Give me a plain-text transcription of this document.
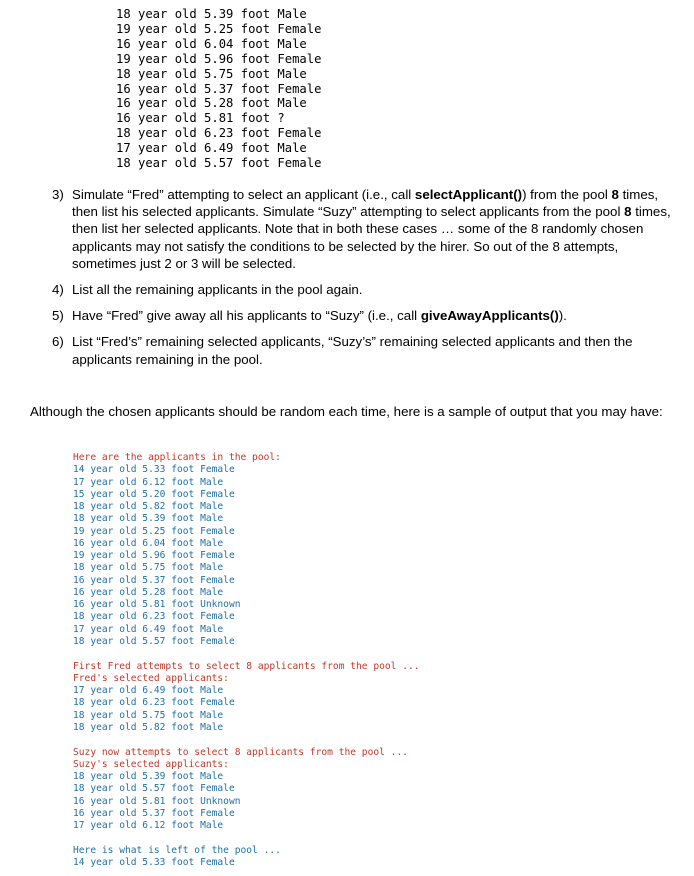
18 year old 5.39 foot Male
19 year old 5.25 foot Female
16 year old 6.04 foot Male
19 year old 5.96 foot Female
18 year old 5.75 foot Male
16 year old 5.37 foot Female
16 year old 5.28 foot Male
16 year old 5.81 foot ?
18 year old 6.23 foot Female
17 year old 6.49 foot Male
18 year old 5.57 foot Female
3) Simulate “Fred” attempting to select an applicant (i.e., call selectApplicant()) from the pool 8 times, then list his selected applicants. Simulate “Suzy” attempting to select applicants from the pool 8 times, then list her selected applicants. Note that in both these cases … some of the 8 randomly chosen applicants may not satisfy the conditions to be selected by the hirer. So out of the 8 attempts, sometimes just 2 or 3 will be selected.
4) List all the remaining applicants in the pool again.
5) Have “Fred” give away all his applicants to “Suzy” (i.e., call giveAwayApplicants()).
6) List “Fred’s” remaining selected applicants, “Suzy’s” remaining selected applicants and then the applicants remaining in the pool.
Although the chosen applicants should be random each time, here is a sample of output that you may have:
Here are the applicants in the pool:
14 year old 5.33 foot Female
17 year old 6.12 foot Male
15 year old 5.20 foot Female
18 year old 5.82 foot Male
18 year old 5.39 foot Male
19 year old 5.25 foot Female
16 year old 6.04 foot Male
19 year old 5.96 foot Female
18 year old 5.75 foot Male
16 year old 5.37 foot Female
16 year old 5.28 foot Male
16 year old 5.81 foot Unknown
18 year old 6.23 foot Female
17 year old 6.49 foot Male
18 year old 5.57 foot Female
First Fred attempts to select 8 applicants from the pool ...
Fred's selected applicants:
17 year old 6.49 foot Male
18 year old 6.23 foot Female
18 year old 5.75 foot Male
18 year old 5.82 foot Male
Suzy now attempts to select 8 applicants from the pool ...
Suzy's selected applicants:
18 year old 5.39 foot Male
18 year old 5.57 foot Female
16 year old 5.81 foot Unknown
16 year old 5.37 foot Female
17 year old 6.12 foot Male
Here is what is left of the pool ...
14 year old 5.33 foot Female
